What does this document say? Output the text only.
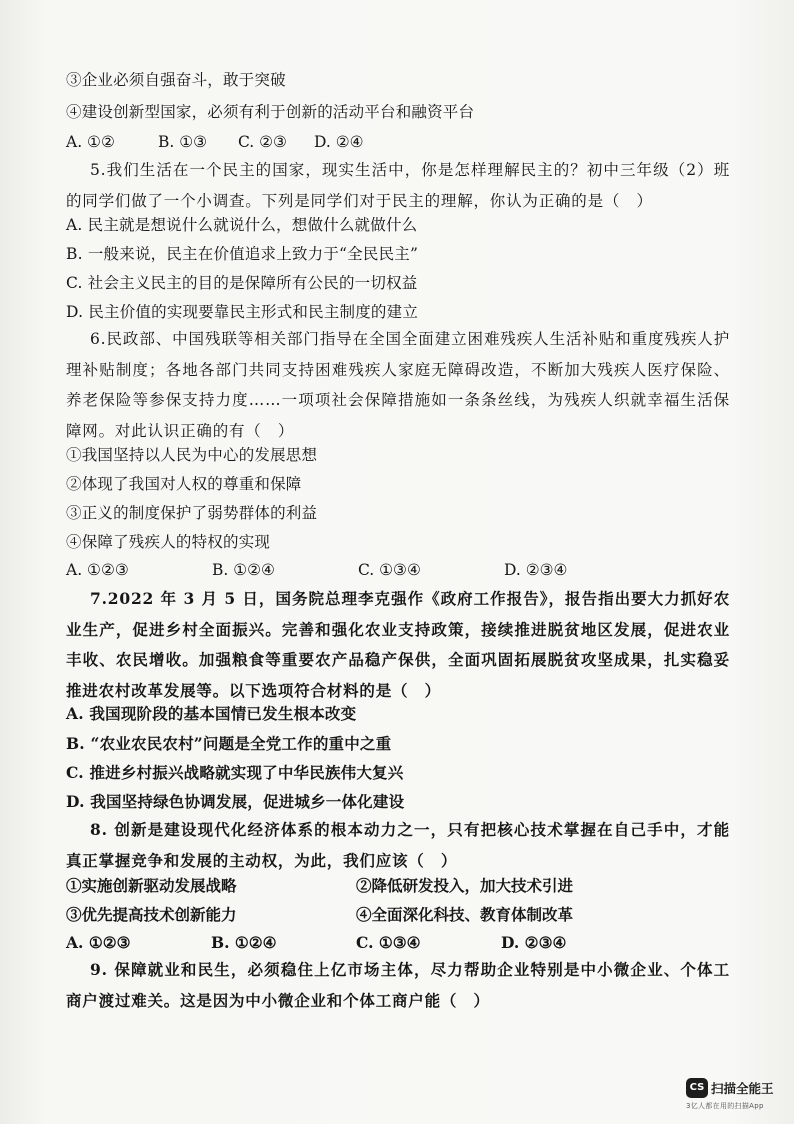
③企业必须自强奋斗，敢于突破
④建设创新型国家，必须有利于创新的活动平台和融资平台
A. ①②	B. ①③	C. ②③	D. ②④
5.我们生活在一个民主的国家，现实生活中，你是怎样理解民主的？初中三年级（2）班的同学们做了一个小调查。下列是同学们对于民主的理解，你认为正确的是（　）
A. 民主就是想说什么就说什么，想做什么就做什么
B. 一般来说，民主在价值追求上致力于“全民民主”
C. 社会主义民主的目的是保障所有公民的一切权益
D. 民主价值的实现要靠民主形式和民主制度的建立
6.民政部、中国残联等相关部门指导在全国全面建立困难残疾人生活补贴和重度残疾人护理补贴制度；各地各部门共同支持困难残疾人家庭无障碍改造，不断加大残疾人医疗保险、养老保险等参保支持力度……一项项社会保障措施如一条条丝线，为残疾人织就幸福生活保障网。对此认识正确的有（　）
①我国坚持以人民为中心的发展思想
②体现了我国对人权的尊重和保障
③正义的制度保护了弱势群体的利益
④保障了残疾人的特权的实现
A. ①②③	B. ①②④	C. ①③④	D. ②③④
7.2022 年 3 月 5 日，国务院总理李克强作《政府工作报告》，报告指出要大力抓好农业生产，促进乡村全面振兴。完善和强化农业支持政策，接续推进脱贫地区发展，促进农业丰收、农民增收。加强粮食等重要农产品稳产保供，全面巩固拓展脱贫攻坚成果，扎实稳妥推进农村改革发展等。以下选项符合材料的是（　）
A. 我国现阶段的基本国情已发生根本改变
B. “农业农民农村”问题是全党工作的重中之重
C. 推进乡村振兴战略就实现了中华民族伟大复兴
D. 我国坚持绿色协调发展，促进城乡一体化建设
8. 创新是建设现代化经济体系的根本动力之一，只有把核心技术掌握在自己手中，才能真正掌握竞争和发展的主动权，为此，我们应该（　）
①实施创新驱动发展战略	②降低研发投入，加大技术引进
③优先提高技术创新能力	④全面深化科技、教育体制改革
A. ①②③	B. ①②④	C. ①③④	D. ②③④
9. 保障就业和民生，必须稳住上亿市场主体，尽力帮助企业特别是中小微企业、个体工商户渡过难关。这是因为中小微企业和个体工商户能（　）
CS 扫描全能王
3亿人都在用的扫描App
